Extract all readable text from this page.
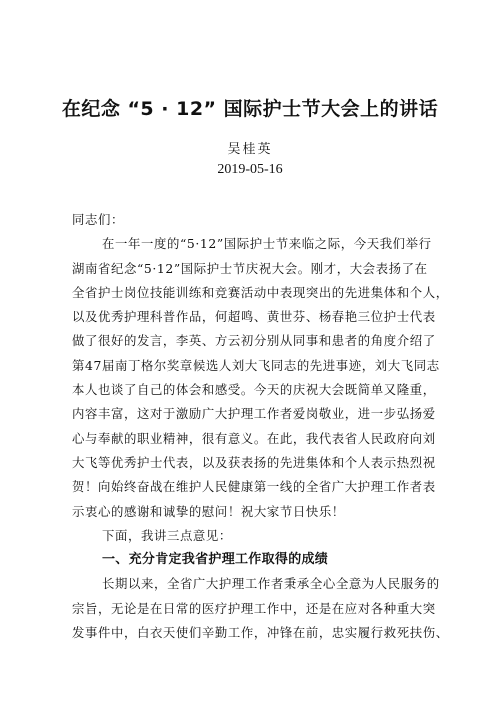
在纪念 “5 · 12” 国际护士节大会上的讲话
吴桂英
2019-05-16
同志们：
在一年一度的“5·12”国际护士节来临之际，今天我们举行
湖南省纪念“5·12”国际护士节庆祝大会。刚才，大会表扬了在
全省护士岗位技能训练和竞赛活动中表现突出的先进集体和个人，
以及优秀护理科普作品，何超鸣、黄世芬、杨春艳三位护士代表
做了很好的发言，李英、方云初分别从同事和患者的角度介绍了
第47届南丁格尔奖章候选人刘大飞同志的先进事迹，刘大飞同志
本人也谈了自己的体会和感受。今天的庆祝大会既简单又隆重，
内容丰富，这对于激励广大护理工作者爱岗敬业，进一步弘扬爱
心与奉献的职业精神，很有意义。在此，我代表省人民政府向刘
大飞等优秀护士代表，以及获表扬的先进集体和个人表示热烈祝
贺！向始终奋战在维护人民健康第一线的全省广大护理工作者表
示衷心的感谢和诚挚的慰问！祝大家节日快乐！
下面，我讲三点意见：
一、充分肯定我省护理工作取得的成绩
长期以来，全省广大护理工作者秉承全心全意为人民服务的
宗旨，无论是在日常的医疗护理工作中，还是在应对各种重大突
发事件中，白衣天使们辛勤工作，冲锋在前，忠实履行救死扶伤、
